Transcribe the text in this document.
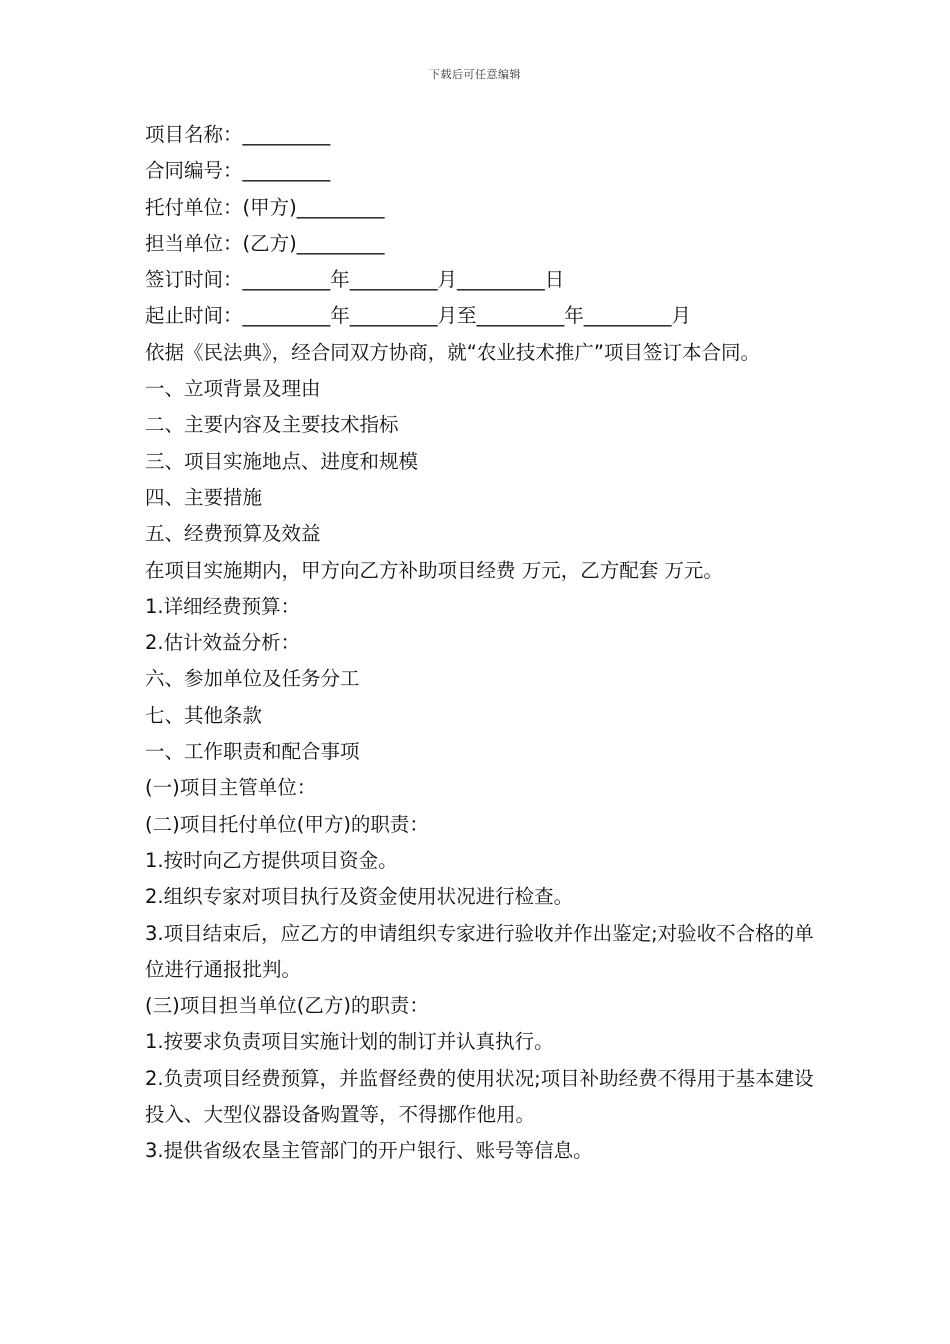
下载后可任意编辑
项目名称：_________
合同编号：_________
托付单位：(甲方)_________
担当单位：(乙方)_________
签订时间：_________年_________月_________日
起止时间：_________年_________月至_________年_________月
依据《民法典》，经合同双方协商，就“农业技术推广”项目签订本合同。
一、立项背景及理由
二、主要内容及主要技术指标
三、项目实施地点、进度和规模
四、主要措施
五、经费预算及效益
在项目实施期内，甲方向乙方补助项目经费 万元，乙方配套 万元。
1.详细经费预算：
2.估计效益分析：
六、参加单位及任务分工
七、其他条款
一、工作职责和配合事项
(一)项目主管单位：
(二)项目托付单位(甲方)的职责：
1.按时向乙方提供项目资金。
2.组织专家对项目执行及资金使用状况进行检查。
3.项目结束后，应乙方的申请组织专家进行验收并作出鉴定;对验收不合格的单位进行通报批判。
(三)项目担当单位(乙方)的职责：
1.按要求负责项目实施计划的制订并认真执行。
2.负责项目经费预算，并监督经费的使用状况;项目补助经费不得用于基本建设投入、大型仪器设备购置等，不得挪作他用。
3.提供省级农垦主管部门的开户银行、账号等信息。
